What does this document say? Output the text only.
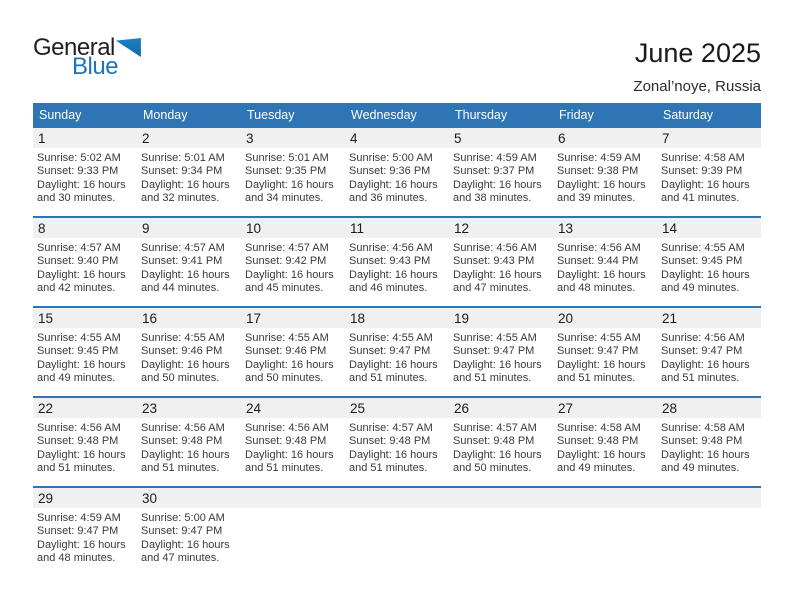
General
Blue	June 2025
Zonal’noye, Russia
Sunday	Monday	Tuesday	Wednesday	Thursday	Friday	Saturday
1	2	3	4	5	6	7
Sunrise: 5:02 AM
Sunset: 9:33 PM
Daylight: 16 hours
and 30 minutes.
Sunrise: 5:01 AM
Sunset: 9:34 PM
Daylight: 16 hours
and 32 minutes.
Sunrise: 5:01 AM
Sunset: 9:35 PM
Daylight: 16 hours
and 34 minutes.
Sunrise: 5:00 AM
Sunset: 9:36 PM
Daylight: 16 hours
and 36 minutes.
Sunrise: 4:59 AM
Sunset: 9:37 PM
Daylight: 16 hours
and 38 minutes.
Sunrise: 4:59 AM
Sunset: 9:38 PM
Daylight: 16 hours
and 39 minutes.
Sunrise: 4:58 AM
Sunset: 9:39 PM
Daylight: 16 hours
and 41 minutes.
8	9	10	11	12	13	14
Sunrise: 4:57 AM
Sunset: 9:40 PM
Daylight: 16 hours
and 42 minutes.
Sunrise: 4:57 AM
Sunset: 9:41 PM
Daylight: 16 hours
and 44 minutes.
Sunrise: 4:57 AM
Sunset: 9:42 PM
Daylight: 16 hours
and 45 minutes.
Sunrise: 4:56 AM
Sunset: 9:43 PM
Daylight: 16 hours
and 46 minutes.
Sunrise: 4:56 AM
Sunset: 9:43 PM
Daylight: 16 hours
and 47 minutes.
Sunrise: 4:56 AM
Sunset: 9:44 PM
Daylight: 16 hours
and 48 minutes.
Sunrise: 4:55 AM
Sunset: 9:45 PM
Daylight: 16 hours
and 49 minutes.
15	16	17	18	19	20	21
Sunrise: 4:55 AM
Sunset: 9:45 PM
Daylight: 16 hours
and 49 minutes.
Sunrise: 4:55 AM
Sunset: 9:46 PM
Daylight: 16 hours
and 50 minutes.
Sunrise: 4:55 AM
Sunset: 9:46 PM
Daylight: 16 hours
and 50 minutes.
Sunrise: 4:55 AM
Sunset: 9:47 PM
Daylight: 16 hours
and 51 minutes.
Sunrise: 4:55 AM
Sunset: 9:47 PM
Daylight: 16 hours
and 51 minutes.
Sunrise: 4:55 AM
Sunset: 9:47 PM
Daylight: 16 hours
and 51 minutes.
Sunrise: 4:56 AM
Sunset: 9:47 PM
Daylight: 16 hours
and 51 minutes.
22	23	24	25	26	27	28
Sunrise: 4:56 AM
Sunset: 9:48 PM
Daylight: 16 hours
and 51 minutes.
Sunrise: 4:56 AM
Sunset: 9:48 PM
Daylight: 16 hours
and 51 minutes.
Sunrise: 4:56 AM
Sunset: 9:48 PM
Daylight: 16 hours
and 51 minutes.
Sunrise: 4:57 AM
Sunset: 9:48 PM
Daylight: 16 hours
and 51 minutes.
Sunrise: 4:57 AM
Sunset: 9:48 PM
Daylight: 16 hours
and 50 minutes.
Sunrise: 4:58 AM
Sunset: 9:48 PM
Daylight: 16 hours
and 49 minutes.
Sunrise: 4:58 AM
Sunset: 9:48 PM
Daylight: 16 hours
and 49 minutes.
29	30
Sunrise: 4:59 AM
Sunset: 9:47 PM
Daylight: 16 hours
and 48 minutes.
Sunrise: 5:00 AM
Sunset: 9:47 PM
Daylight: 16 hours
and 47 minutes.
